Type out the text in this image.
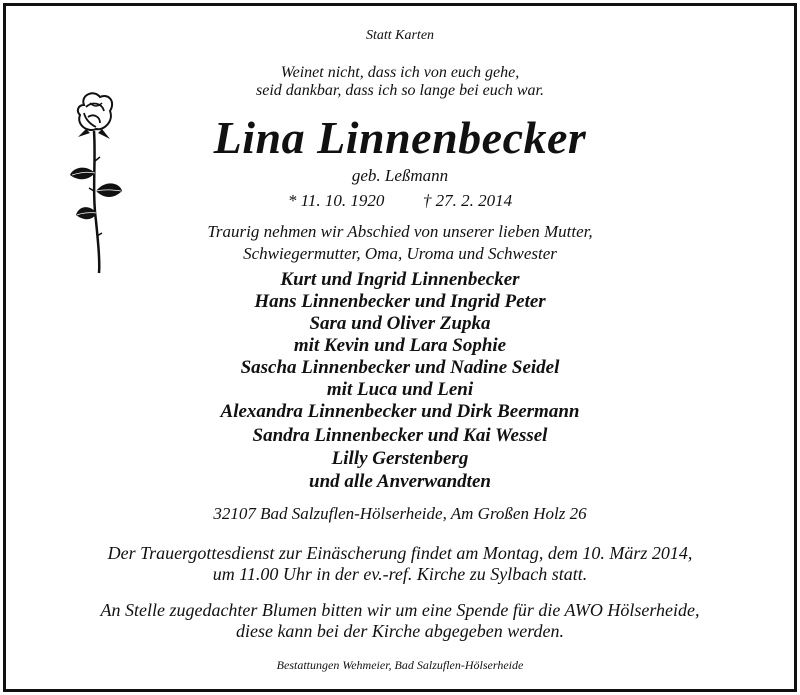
Statt Karten
Weinet nicht, dass ich von euch gehe,
seid dankbar, dass ich so lange bei euch war.
Lina Linnenbecker
geb. Leßmann
* 11. 10. 1920 † 27. 2. 2014
Traurig nehmen wir Abschied von unserer lieben Mutter,
Schwiegermutter, Oma, Uroma und Schwester
Kurt und Ingrid Linnenbecker
Hans Linnenbecker und Ingrid Peter
Sara und Oliver Zupka
mit Kevin und Lara Sophie
Sascha Linnenbecker und Nadine Seidel
mit Luca und Leni
Alexandra Linnenbecker und Dirk Beermann
Sandra Linnenbecker und Kai Wessel
Lilly Gerstenberg
und alle Anverwandten
32107 Bad Salzuflen-Hölserheide, Am Großen Holz 26
Der Trauergottesdienst zur Einäscherung findet am Montag, dem 10. März 2014,
um 11.00 Uhr in der ev.-ref. Kirche zu Sylbach statt.
An Stelle zugedachter Blumen bitten wir um eine Spende für die AWO Hölserheide,
diese kann bei der Kirche abgegeben werden.
Bestattungen Wehmeier, Bad Salzuflen-Hölserheide
